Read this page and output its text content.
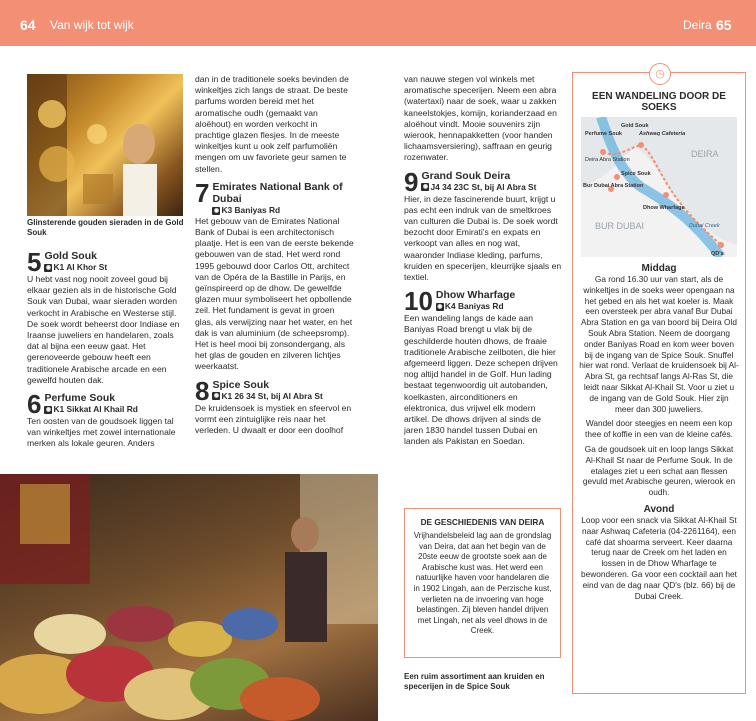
64 Van wijk tot wijk	Deira 65
Glinsterende gouden sieraden in de Gold Souk
5 Gold Souk
◉ K1 Al Khor St

U hebt vast nog nooit zoveel goud bij elkaar gezien als in de historische Gold Souk van Dubai, waar sieraden worden verkocht in Arabische en Westerse stijl. De soek wordt beheerst door Indiase en Iraanse juweliers en handelaren, zoals dat al bijna een eeuw gaat. Het gerenoveerde gebouw heeft een traditionele Arabische arcade en een gewelfd houten dak.

6 Perfume Souk
◉ K1 Sikkat Al Khail Rd

Ten oosten van de goudsoek liggen tal van winkeltjes met zowel internationale merken als lokale geuren. Anders

dan in de traditionele soeks bevinden de winkeltjes zich langs de straat. De beste parfums worden bereid met het aromatische oudh (gemaakt van aloëhout) en worden verkocht in prachtige glazen flesjes. In de meeste winkeltjes kunt u ook zelf parfumoliën mengen om uw favoriete geur samen te stellen.

7 Emirates National Bank of Dubai
◉ K3 Baniyas Rd

Het gebouw van de Emirates National Bank of Dubai is een architectonisch plaatje. Het is een van de eerste bekende gebouwen van de stad. Het werd rond 1995 gebouwd door Carlos Ott, architect van de Opéra de la Bastille in Parijs, en geïnspireerd op de dhow. De gewelfde glazen muur symboliseert het opbollende zeil. Het fundament is gevat in groen glas, als verwijzing naar het water, en het dak is van aluminium (de scheepsromp). Het is heel mooi bij zonsondergang, als het glas de gouden en zilveren lichtjes weerkaatst.

8 Spice Souk
◉ K1 26 34 St, bij Al Abra St

De kruidensoek is mystiek en sfeervol en vormt een zintuiglijke reis naar het verleden. U dwaalt er door een doolhof

van nauwe stegen vol winkels met aromatische specerijen. Neem een abra (watertaxi) naar de soek, waar u zakken kaneelstokjes, komijn, korianderzaad en aloëhout vindt. Mooie souvenirs zijn wierook, hennapakketten (voor handen lichaamsversiering), saffraan en geurig rozenwater.

9 Grand Souk Deira
◉ J4 34 23C St, bij Al Abra St

Hier, in deze fascinerende buurt, krijgt u pas echt een indruk van de smeltkroes van culturen die Dubai is. De soek wordt bezocht door Emirati's en expats en verkoopt van alles en nog wat, waaronder Indiase kleding, parfums, kruiden en specerijen, kleurrijke sjaals en textiel.

10 Dhow Wharfage
◉ K4 Baniyas Rd

Een wandeling langs de kade aan Baniyas Road brengt u vlak bij de geschilderde houten dhows, de fraaie traditionele Arabische zeilboten, die hier afgemeerd liggen. Deze schepen drijven nog altijd handel in de Golf. Hun lading bestaat tegenwoordig uit autobanden, koelkasten, airconditioners en elektronica, dus vrijwel elk modern artikel. De dhows drijven al sinds de jaren 1830 handel tussen Dubai en landen als Pakistan en Soedan.

DE GESCHIEDENIS VAN DEIRA
Vrijhandelsbeleid lag aan de grondslag van Deira, dat aan het begin van de 20ste eeuw de grootste soek aan de Arabische kust was. Het werd een natuurlijke haven voor handelaren die in 1902 Lingah, aan de Perzische kust, verlieten na de invoering van hoge belastingen. Zij bleven handel drijven met Lingah, net als veel dhows in de Creek.
Een ruim assortiment aan kruiden en specerijen in de Spice Souk
◷
EEN WANDELING DOOR DE SOEKS
Perfume Souk
Gold Souk
Ashwaq Cafeteria
Deira Abra Station
DEIRA
Spice Souk
Bur Dubai Abra Station
Dhow Wharfage
BUR DUBAI
QD's
Dubai Creek
Middag
Ga rond 16.30 uur van start, als de winkeltjes in de soeks weer opengaan na het gebed en als het wat koeler is. Maak een oversteek per abra vanaf Bur Dubai Abra Station en ga van boord bij Deira Old Souk Abra Station. Neem de doorgang onder Baniyas Road en kom weer boven bij de ingang van de Spice Souk. Snuffel hier wat rond. Verlaat de kruidensoek bij Al-Abra St, ga rechtsaf langs Al-Ras St, die leidt naar Sikkat Al-Khail St. Voor u ziet u de ingang van de Gold Souk. Hier zijn meer dan 300 juweliers.
Wandel door steegjes en neem een kop thee of koffie in een van de kleine cafés.
Ga de goudsoek uit en loop langs Sikkat Al-Khail St naar de Perfume Souk. In de etalages ziet u een schat aan flessen gevuld met Arabische geuren, wierook en oudh.
Avond
Loop voor een snack via Sikkat Al-Khail St naar Ashwaq Cafeteria (04-2261164), een café dat shoarma serveert. Keer daarna terug naar de Creek om het laden en lossen in de Dhow Wharfage te bewonderen. Ga voor een cocktail aan het eind van de dag naar QD's (blz. 66) bij de Dubai Creek.
